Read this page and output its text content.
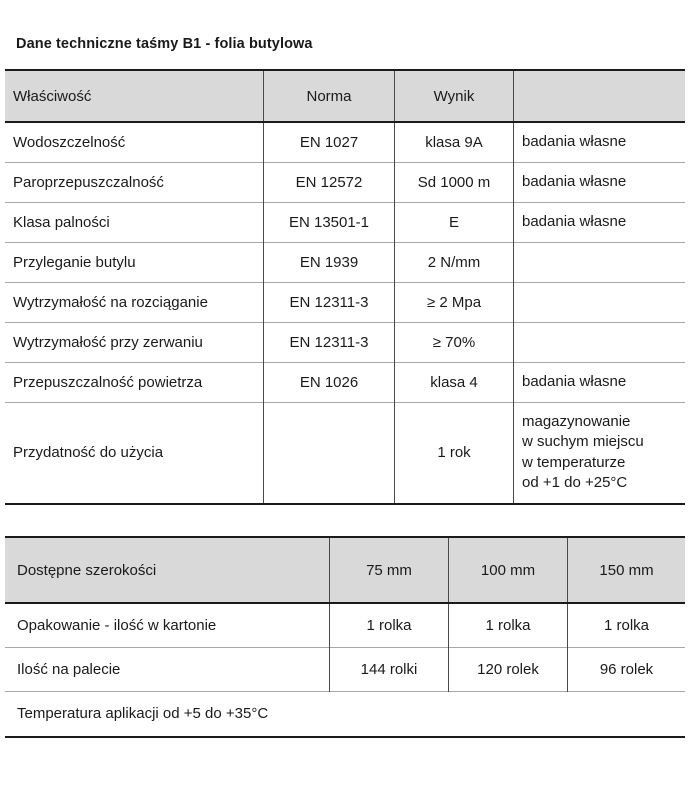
Dane techniczne taśmy B1 - folia butylowa
Właściwość	Norma	Wynik	
Wodoszczelność	EN 1027	klasa 9A	badania własne
Paroprzepuszczalność	EN 12572	Sd 1000 m	badania własne
Klasa palności	EN 13501-1	E	badania własne
Przyleganie butylu	EN 1939	2 N/mm	
Wytrzymałość na rozciąganie	EN 12311-3	≥ 2 Mpa	
Wytrzymałość przy zerwaniu	EN 12311-3	≥ 70%	
Przepuszczalność powietrza	EN 1026	klasa 4	badania własne
Przydatność do użycia		1 rok	magazynowanie
w suchym miejscu
w temperaturze
od +1 do +25°C
Dostępne szerokości	75 mm	100 mm	150 mm
Opakowanie - ilość w kartonie	1 rolka	1 rolka	1 rolka
Ilość na palecie	144 rolki	120 rolek	96 rolek
Temperatura aplikacji od +5 do +35°C			
